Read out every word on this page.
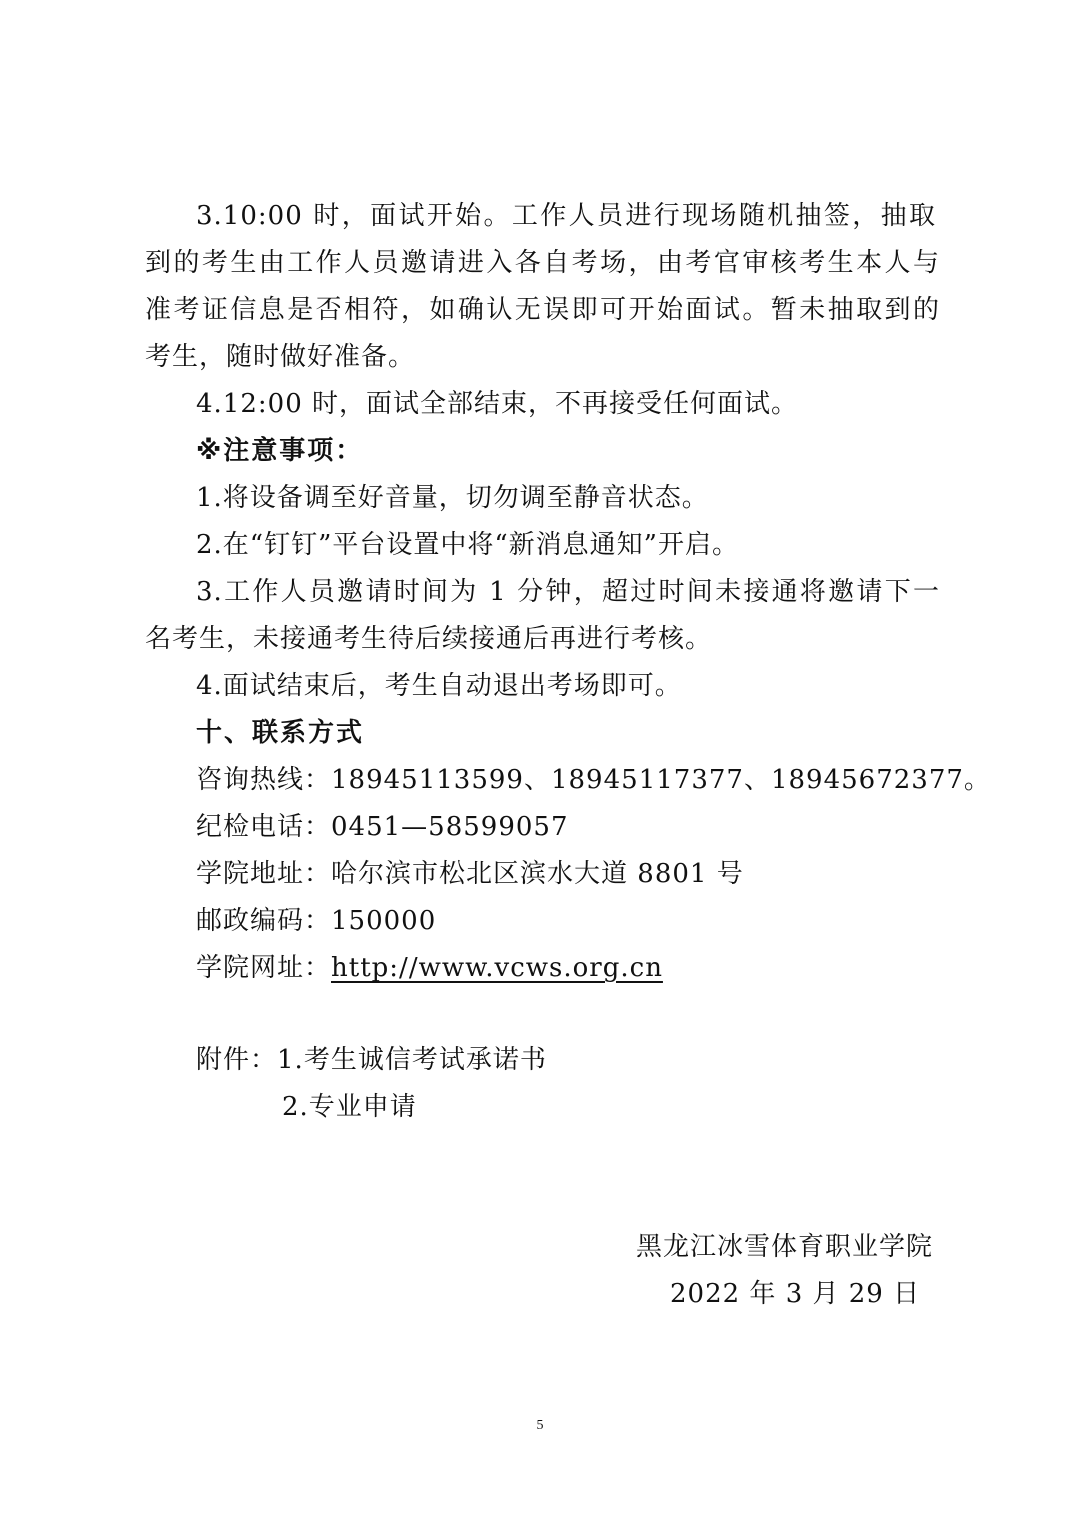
3.10:00 时，面试开始。工作人员进行现场随机抽签，抽取
到的考生由工作人员邀请进入各自考场，由考官审核考生本人与
准考证信息是否相符，如确认无误即可开始面试。暂未抽取到的
考生，随时做好准备。
4.12:00 时，面试全部结束，不再接受任何面试。
※注意事项：
1.将设备调至好音量，切勿调至静音状态。
2.在“钉钉”平台设置中将“新消息通知”开启。
3.工作人员邀请时间为 1 分钟，超过时间未接通将邀请下一
名考生，未接通考生待后续接通后再进行考核。
4.面试结束后，考生自动退出考场即可。
十、联系方式
咨询热线：18945113599、18945117377、18945672377。
纪检电话：0451—58599057
学院地址：哈尔滨市松北区滨水大道 8801 号
邮政编码：150000
学院网址：http://www.vcws.org.cn
附件：1.考生诚信考试承诺书
2.专业申请
黑龙江冰雪体育职业学院
2022 年 3 月 29 日
5
